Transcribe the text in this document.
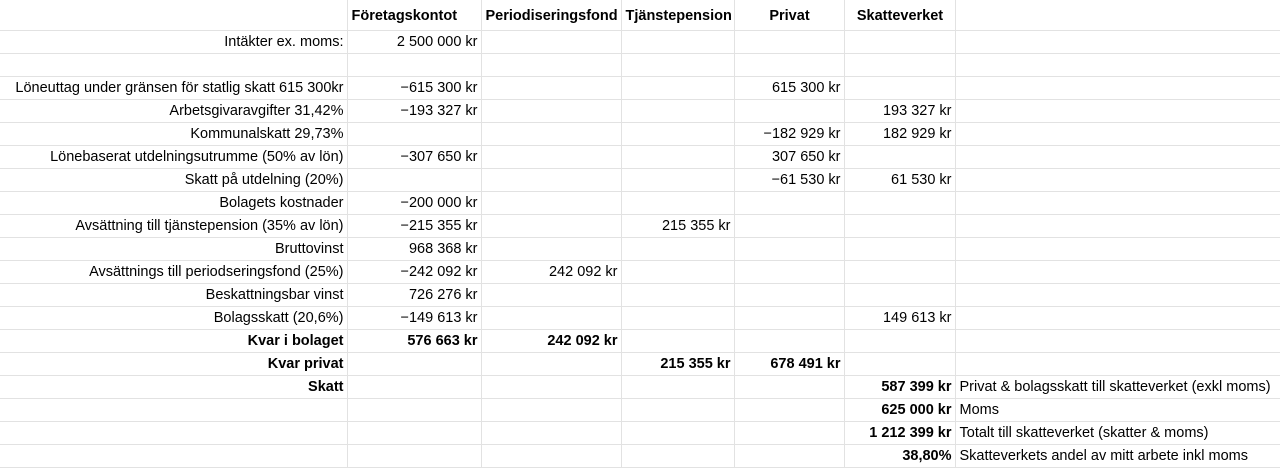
	Företagskontot	Periodiseringsfond	Tjänstepension	Privat	Skatteverket	
Intäkter ex. moms:	2 500 000 kr					

Löneuttag under gränsen för statlig skatt 615 300kr	−615 300 kr			615 300 kr		
Arbetsgivaravgifter 31,42%	−193 327 kr				193 327 kr	
Kommunalskatt 29,73%				−182 929 kr	182 929 kr	
Lönebaserat utdelningsutrumme (50% av lön)	−307 650 kr			307 650 kr		
Skatt på utdelning (20%)				−61 530 kr	61 530 kr	
Bolagets kostnader	−200 000 kr					
Avsättning till tjänstepension (35% av lön)	−215 355 kr		215 355 kr			
Bruttovinst	968 368 kr					
Avsättnings till periodseringsfond (25%)	−242 092 kr	242 092 kr				
Beskattningsbar vinst	726 276 kr					
Bolagsskatt (20,6%)	−149 613 kr				149 613 kr	
Kvar i bolaget	576 663 kr	242 092 kr				
Kvar privat			215 355 kr	678 491 kr		
Skatt					587 399 kr	Privat & bolagsskatt till skatteverket (exkl moms)
					625 000 kr	Moms
					1 212 399 kr	Totalt till skatteverket (skatter & moms)
					38,80%	Skatteverkets andel av mitt arbete inkl moms
